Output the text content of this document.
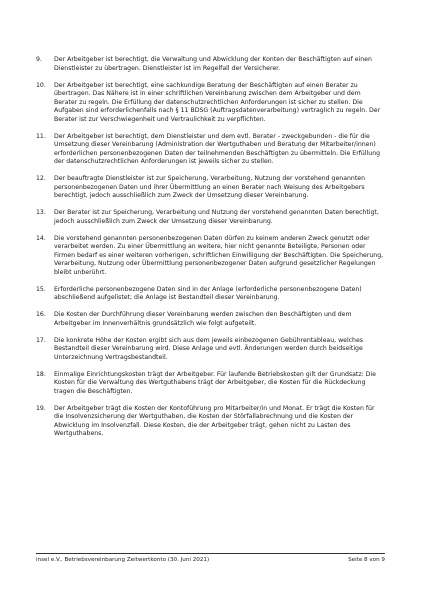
9.	Der Arbeitgeber ist berechtigt, die Verwaltung und Abwicklung der Konten der Beschäftigten auf einen Dienstleister zu übertragen. Dienstleister ist im Regelfall der Versicherer.
10.	Der Arbeitgeber ist berechtigt, eine sachkundige Beratung der Beschäftigten auf einen Berater zu übertragen. Das Nähere ist in einer schriftlichen Vereinbarung zwischen dem Arbeitgeber und dem Berater zu regeln. Die Erfüllung der datenschutzrechtlichen Anforderungen ist sicher zu stellen. Die Aufgaben sind erforderlichenfalls nach § 11 BDSG (Auftragsdatenverarbeitung) vertraglich zu regeln. Der Berater ist zur Verschwiegenheit und Vertraulichkeit zu verpflichten.
11.	Der Arbeitgeber ist berechtigt, dem Dienstleister und dem evtl. Berater - zweckgebunden - die für die Umsetzung dieser Vereinbarung (Administration der Wertguthaben und Beratung der Mitarbeiter/innen) erforderlichen personenbezogenen Daten der teilnehmenden Beschäftigten zu übermitteln. Die Erfüllung der datenschutzrechtlichen Anforderungen ist jeweils sicher zu stellen.
12.	Der beauftragte Dienstleister ist zur Speicherung, Verarbeitung, Nutzung der vorstehend genannten personenbezogenen Daten und ihrer Übermittlung an einen Berater nach Weisung des Arbeitgebers berechtigt, jedoch ausschließlich zum Zweck der Umsetzung dieser Vereinbarung.
13.	Der Berater ist zur Speicherung, Verarbeitung und Nutzung der vorstehend genannten Daten berechtigt, jedoch ausschließlich zum Zweck der Umsetzung dieser Vereinbarung.
14.	Die vorstehend genannten personenbezogenen Daten dürfen zu keinem anderen Zweck genutzt oder verarbeitet werden. Zu einer Übermittlung an weitere, hier nicht genannte Beteiligte, Personen oder Firmen bedarf es einer weiteren vorherigen, schriftlichen Einwilligung der Beschäftigten. Die Speicherung, Verarbeitung, Nutzung oder Übermittlung personenbezogener Daten aufgrund gesetzlicher Regelungen bleibt unberührt.
15.	Erforderliche personenbezogene Daten sind in der Anlage (erforderliche personenbezogene Daten) abschließend aufgelistet; die Anlage ist Bestandteil dieser Vereinbarung.
16.	Die Kosten der Durchführung dieser Vereinbarung werden zwischen den Beschäftigten und dem Arbeitgeber im Innenverhältnis grundsätzlich wie folgt aufgeteilt.
17.	Die konkrete Höhe der Kosten ergibt sich aus dem jeweils einbezogenen Gebührentableau, welches Bestandteil dieser Vereinbarung wird. Diese Anlage und evtl. Änderungen werden durch beidseitige Unterzeichnung Vertragsbestandteil.
18.	Einmalige Einrichtungskosten trägt der Arbeitgeber. Für laufende Betriebskosten gilt der Grundsatz: Die Kosten für die Verwaltung des Wertguthabens trägt der Arbeitgeber, die Kosten für die Rückdeckung tragen die Beschäftigten.
19.	Der Arbeitgeber trägt die Kosten der Kontoführung pro Mitarbeiter/in und Monat. Er trägt die Kosten für die Insolvenzsicherung der Wertguthaben, die Kosten der Störfallabrechnung und die Kosten der Abwicklung im Insolvenzfall. Diese Kosten, die der Arbeitgeber trägt, gehen nicht zu Lasten des Wertguthabens.
insel e.V., Betriebsvereinbarung Zeitwertkonto (30. Juni 2021)	Seite 8 von 9
